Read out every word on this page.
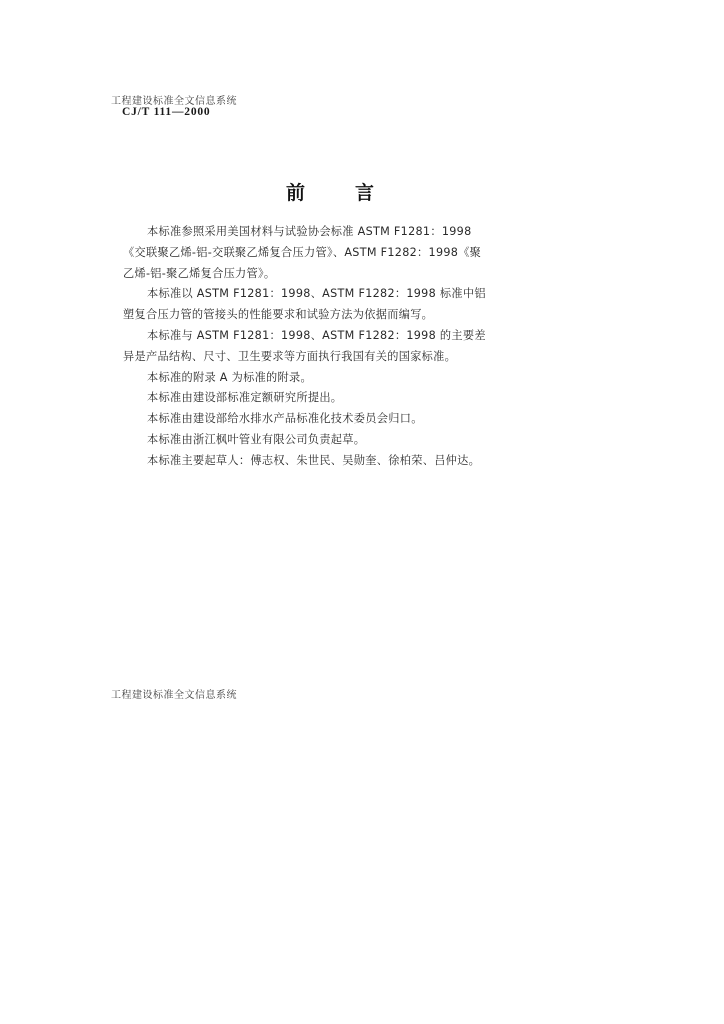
工程建设标准全文信息系统
CJ/T 111—2000
前言

本标准参照采用美国材料与试验协会标准 ASTM F1281：1998《交联聚乙烯-铝-交联聚乙烯复合压力管》、ASTM F1282：1998《聚乙烯-铝-聚乙烯复合压力管》。

本标准以 ASTM F1281：1998、ASTM F1282：1998 标准中铝塑复合压力管的管接头的性能要求和试验方法为依据而编写。

本标准与 ASTM F1281：1998、ASTM F1282：1998 的主要差异是产品结构、尺寸、卫生要求等方面执行我国有关的国家标准。

本标准的附录 A 为标准的附录。

本标准由建设部标准定额研究所提出。

本标准由建设部给水排水产品标准化技术委员会归口。

本标准由浙江枫叶管业有限公司负责起草。

本标准主要起草人：傅志权、朱世民、吴勋奎、徐柏荣、吕仲达。

工程建设标准全文信息系统
